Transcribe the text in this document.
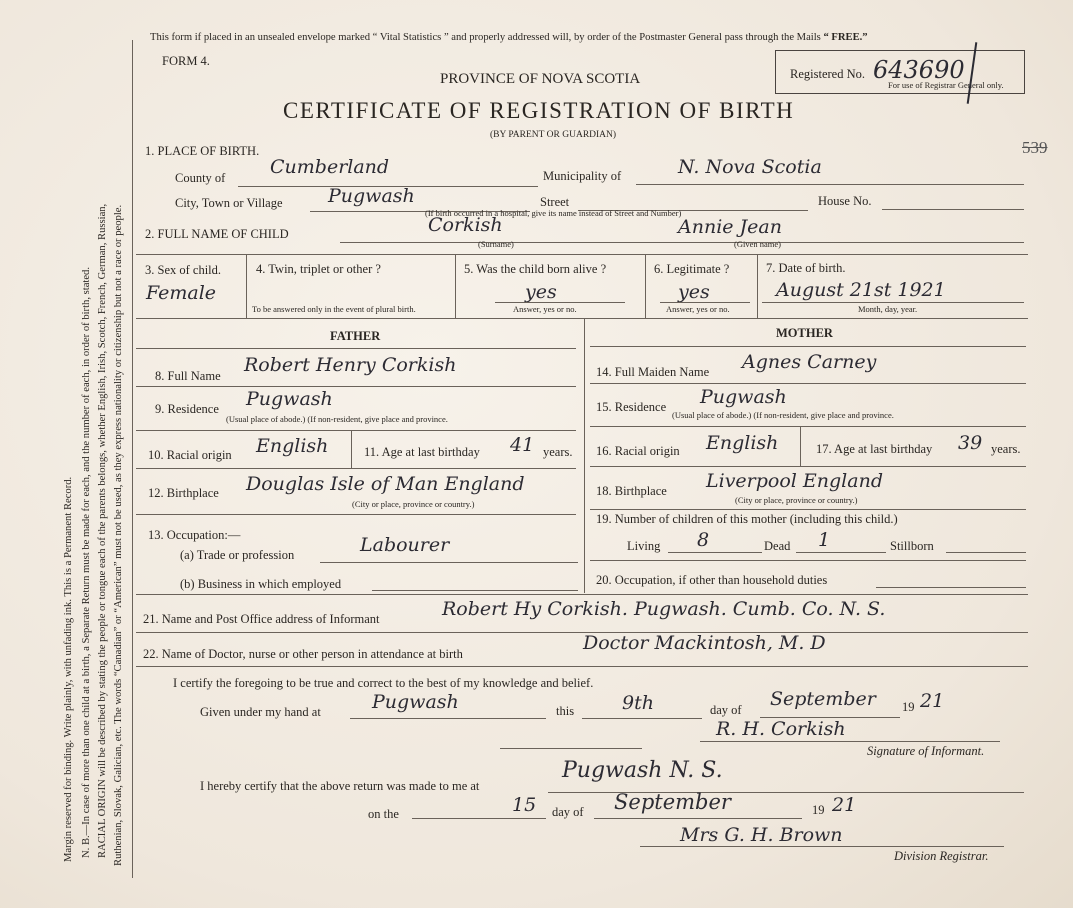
Margin reserved for binding. Write plainly, with unfading ink. This is a Permanent Record. N. B.—In case of more than one child at a birth, a Separate Return must be made for each, and the number of each, in order of birth, stated. RACIAL ORIGIN will be described by stating the people or tongue each of the parents belongs, whether English, Irish, Scotch, French, German, Russian, Ruthenian, Slovak, Galician, etc. The words “Canadian” or “American” must not be used, as they express nationality or citizenship but not a race or people.
This form if placed in an unsealed envelope marked “ Vital Statistics ” and properly addressed will, by order of the Postmaster General pass through the Mails “ FREE.”
FORM 4.
PROVINCE OF NOVA SCOTIA
CERTIFICATE OF REGISTRATION OF BIRTH
(BY PARENT OR GUARDIAN)
Registered No. 643690
For use of Registrar General only.
539
1. PLACE OF BIRTH.
County of Cumberland	Municipality of	N. Nova Scotia
City, Town or Village Pugwash	Street	House No.
(If birth occurred in a hospital, give its name instead of Street and Number)
2. FULL NAME OF CHILD	Corkish
(Surname)
Annie Jean
(Given name)
3. Sex of child.
Female
4. Twin, triplet or other ?
To be answered only in the event of plural birth.
5. Was the child born alive ?
yes
Answer, yes or no.
6. Legitimate ?
yes
Answer, yes or no.
7. Date of birth.
August 21st 1921
Month, day, year.
FATHER	MOTHER
8. Full Name Robert Henry Corkish
9. Residence Pugwash
(Usual place of abode.) (If non-resident, give place and province.
10. Racial origin English	11. Age at last birthday 41 years.
12. Birthplace Douglas Isle of Man England
(City or place, province or country.)
13. Occupation:—
(a) Trade or profession	Labourer
(b) Business in which employed
14. Full Maiden Name Agnes Carney
15. Residence Pugwash
(Usual place of abode.) (If non-resident, give place and province.
16. Racial origin English	17. Age at last birthday 39 years.
18. Birthplace Liverpool England
(City or place, province or country.)
19. Number of children of this mother (including this child.)
Living 8	Dead 1	Stillborn
20. Occupation, if other than household duties
21. Name and Post Office address of Informant	Robert Hy Corkish. Pugwash. Cumb. Co. N. S.
22. Name of Doctor, nurse or other person in attendance at birth	Doctor Mackintosh, M. D
I certify the foregoing to be true and correct to the best of my knowledge and belief.
Given under my hand at	Pugwash	this	9th	day of September 19 21
R. H. Corkish
Signature of Informant.
I hereby certify that the above return was made to me at
Pugwash N. S.
on the	15 day of September	19 21
Mrs G. H. Brown
Division Registrar.
